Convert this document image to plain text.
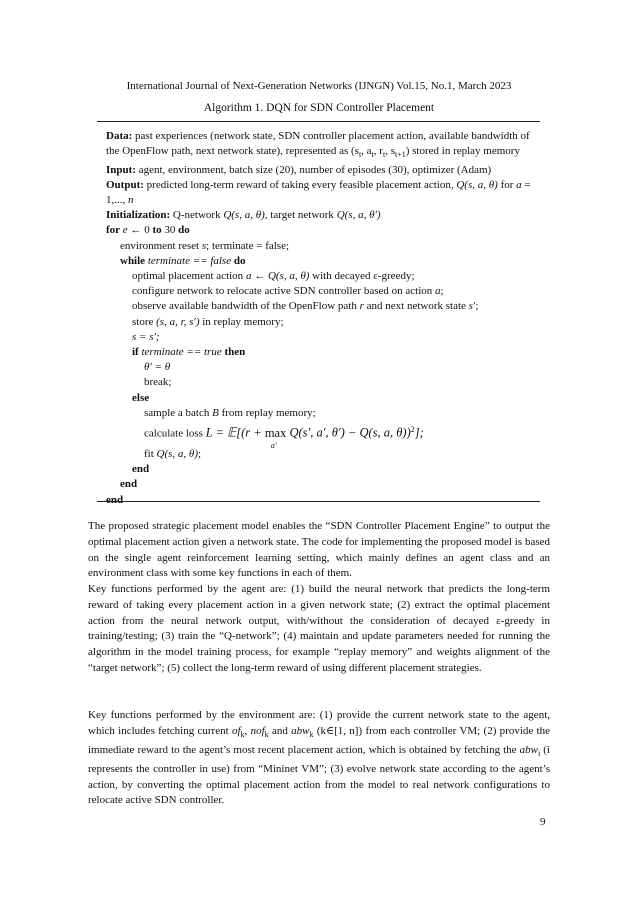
International Journal of Next-Generation Networks (IJNGN) Vol.15, No.1, March 2023
Algorithm 1. DQN for SDN Controller Placement
Data: past experiences (network state, SDN controller placement action, available bandwidth of
the OpenFlow path, next network state), represented as ($s_t$, $a_t$, $r_t$, $s_{t+1}$) stored in replay memory
Input: agent, environment, batch size (20), number of episodes (30), optimizer (Adam)
Output: predicted long-term reward of taking every feasible placement action, Q(s, a, θ) for a =
1,..., n
Initialization: Q-network Q(s, a, θ), target network Q(s, a, θ′)
for e ← 0 to 30 do
environment reset s; terminate = false;
while terminate == false do
optimal placement action a ← Q(s, a, θ) with decayed ε-greedy;
configure network to relocate active SDN controller based on action a;
observe available bandwidth of the OpenFlow path r and next network state s′;
store (s, a, r, s′) in replay memory;
s = s′;
if terminate == true then
θ′ = θ
break;
else
sample a batch B from replay memory;
calculate loss L = 𝔼[(r + max
a′
Q(s′, a′, θ′) − Q(s, a, θ))$^2$];
fit Q(s, a, θ);
end
end
end
The proposed strategic placement model enables the “SDN Controller Placement Engine” to output the optimal placement action given a network state. The code for implementing the proposed model is based on the single agent reinforcement learning setting, which mainly defines an agent class and an environment class with some key functions in each of them.
Key functions performed by the agent are: (1) build the neural network that predicts the long-term reward of taking every placement action in a given network state; (2) extract the optimal placement action from the neural network output, with/without the consideration of decayed ε-greedy in training/testing; (3) train the “Q-network”; (4) maintain and update parameters needed for running the algorithm in the model training process, for example “replay memory” and weights alignment of the “target network”; (5) collect the long-term reward of using different placement strategies.
Key functions performed by the environment are: (1) provide the current network state to the agent, which includes fetching current $of_k$, nof$_k$ and abw$_k$ (k∈[1, n]) from each controller VM; (2) provide the immediate reward to the agent’s most recent placement action, which is obtained by fetching the abw$_i$ (i represents the controller in use) from “Mininet VM”; (3) evolve network state according to the agent’s action, by converting the optimal placement action from the model to real network configurations to relocate active SDN controller.
9
